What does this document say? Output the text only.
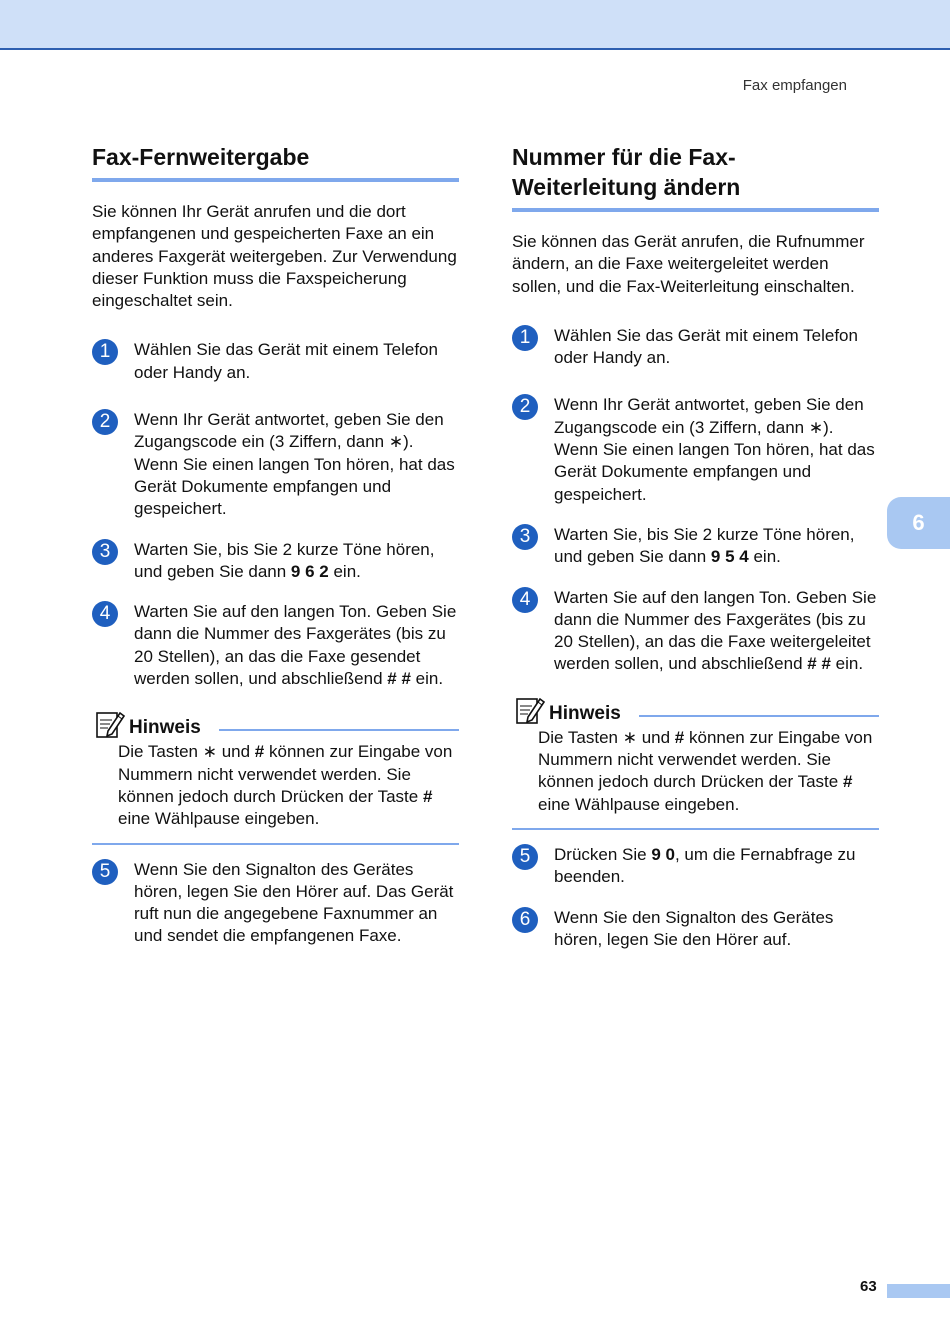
Fax empfangen
6
63
Fax-Fernweitergabe

Sie können Ihr Gerät anrufen und die dort empfangenen und gespeicherten Faxe an ein anderes Faxgerät weitergeben. Zur Verwendung dieser Funktion muss die Faxspeicherung eingeschaltet sein.

1	Wählen Sie das Gerät mit einem Telefon oder Handy an.
2	Wenn Ihr Gerät antwortet, geben Sie den Zugangscode ein (3 Ziffern, dann ∗). Wenn Sie einen langen Ton hören, hat das Gerät Dokumente empfangen und gespeichert.
3	Warten Sie, bis Sie 2 kurze Töne hören, und geben Sie dann 9 6 2 ein.
4	Warten Sie auf den langen Ton. Geben Sie dann die Nummer des Faxgerätes (bis zu 20 Stellen), an das die Faxe gesendet werden sollen, und abschließend # # ein.
Hinweis
Die Tasten ∗ und # können zur Eingabe von Nummern nicht verwendet werden. Sie können jedoch durch Drücken der Taste # eine Wählpause eingeben.
5	Wenn Sie den Signalton des Gerätes hören, legen Sie den Hörer auf. Das Gerät ruft nun die angegebene Faxnummer an und sendet die empfangenen Faxe.
Nummer für die Fax-
Weiterleitung ändern

Sie können das Gerät anrufen, die Rufnummer ändern, an die Faxe weitergeleitet werden sollen, und die Fax-Weiterleitung einschalten.

1	Wählen Sie das Gerät mit einem Telefon oder Handy an.
2	Wenn Ihr Gerät antwortet, geben Sie den Zugangscode ein (3 Ziffern, dann ∗). Wenn Sie einen langen Ton hören, hat das Gerät Dokumente empfangen und gespeichert.
3	Warten Sie, bis Sie 2 kurze Töne hören, und geben Sie dann 9 5 4 ein.
4	Warten Sie auf den langen Ton. Geben Sie dann die Nummer des Faxgerätes (bis zu 20 Stellen), an das die Faxe weitergeleitet werden sollen, und abschließend # # ein.
Hinweis
Die Tasten ∗ und # können zur Eingabe von Nummern nicht verwendet werden. Sie können jedoch durch Drücken der Taste # eine Wählpause eingeben.
5	Drücken Sie 9 0, um die Fernabfrage zu beenden.
6	Wenn Sie den Signalton des Gerätes hören, legen Sie den Hörer auf.
